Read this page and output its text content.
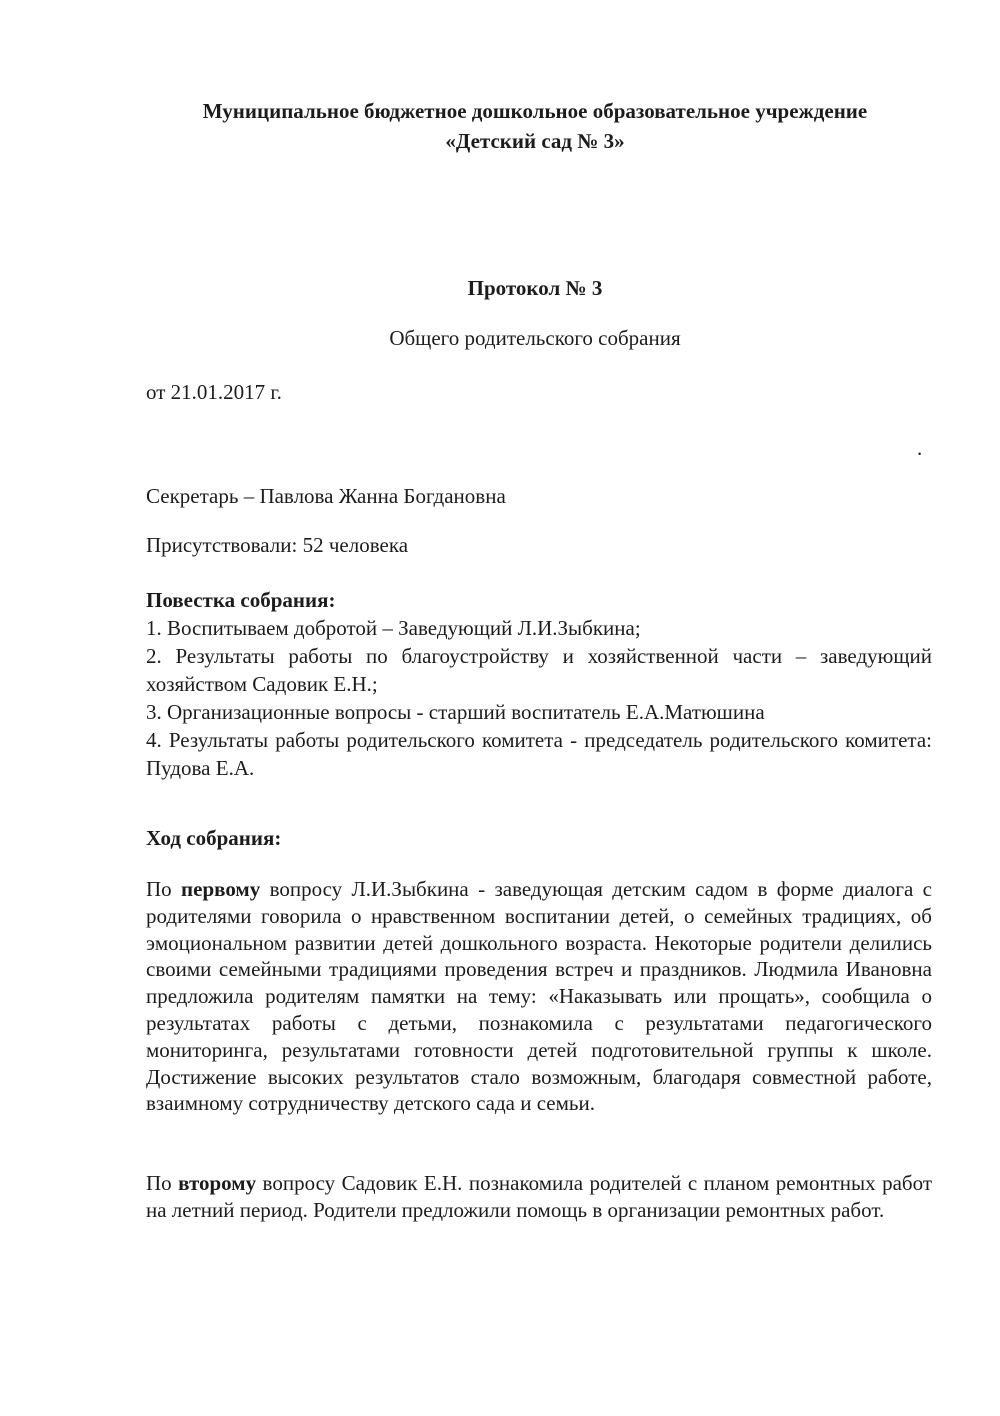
Муниципальное бюджетное дошкольное образовательное учреждение
«Детский сад № 3»
Протокол № 3
Общего родительского собрания
от 21.01.2017 г.
.
Секретарь – Павлова Жанна Богдановна
Присутствовали: 52 человека
Повестка собрания:
1. Воспитываем добротой – Заведующий Л.И.Зыбкина;
2. Результаты работы по благоустройству и хозяйственной части – заведующий хозяйством Садовик Е.Н.;
3. Организационные вопросы - старший воспитатель Е.А.Матюшина
4. Результаты работы родительского комитета - председатель родительского комитета: Пудова Е.А.
Ход собрания:
По первому вопросу Л.И.Зыбкина - заведующая детским садом в форме диалога с родителями говорила о нравственном воспитании детей, о семейных традициях, об эмоциональном развитии детей дошкольного возраста. Некоторые родители делились своими семейными традициями проведения встреч и праздников. Людмила Ивановна предложила родителям памятки на тему: «Наказывать или прощать», сообщила о результатах работы с детьми, познакомила с результатами педагогического мониторинга, результатами готовности детей подготовительной группы к школе. Достижение высоких результатов стало возможным, благодаря совместной работе, взаимному сотрудничеству детского сада и семьи.
По второму вопросу Садовик Е.Н. познакомила родителей с планом ремонтных работ на летний период. Родители предложили помощь в организации ремонтных работ.
